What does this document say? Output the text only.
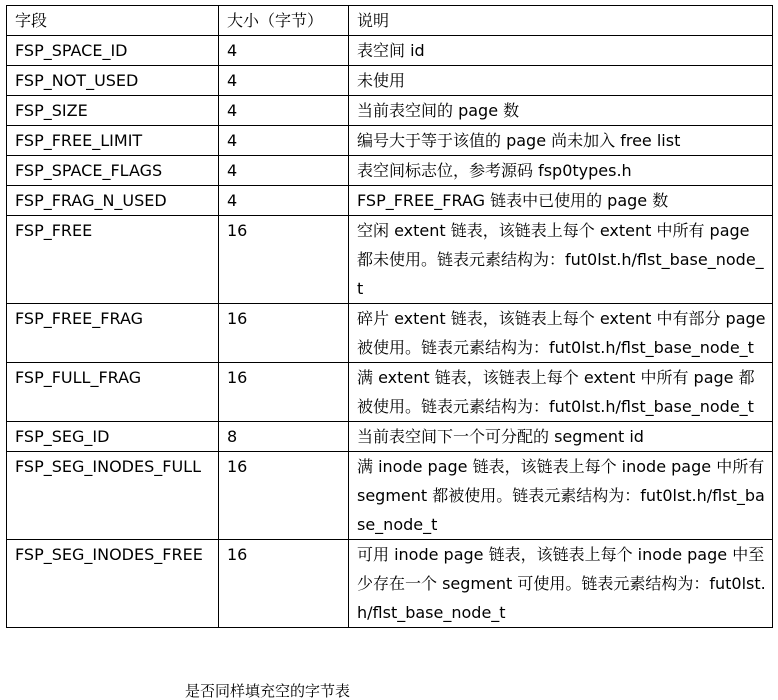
字段	大小（字节）	说明
FSP_SPACE_ID	4	表空间 id
FSP_NOT_USED	4	未使用
FSP_SIZE	4	当前表空间的 page 数
FSP_FREE_LIMIT	4	编号大于等于该值的 page 尚未加入 free list
FSP_SPACE_FLAGS	4	表空间标志位，参考源码 fsp0types.h
FSP_FRAG_N_USED	4	FSP_FREE_FRAG 链表中已使用的 page 数
FSP_FREE	16	空闲 extent 链表，该链表上每个 extent 中所有 page 都未使用。链表元素结构为：fut0lst.h/flst_base_node_t
FSP_FREE_FRAG	16	碎片 extent 链表，该链表上每个 extent 中有部分 page 被使用。链表元素结构为：fut0lst.h/flst_base_node_t
FSP_FULL_FRAG	16	满 extent 链表，该链表上每个 extent 中所有 page 都被使用。链表元素结构为：fut0lst.h/flst_base_node_t
FSP_SEG_ID	8	当前表空间下一个可分配的 segment id
FSP_SEG_INODES_FULL	16	满 inode page 链表，该链表上每个 inode page 中所有 segment 都被使用。链表元素结构为：fut0lst.h/flst_base_node_t
FSP_SEG_INODES_FREE	16	可用 inode page 链表，该链表上每个 inode page 中至少存在一个 segment 可使用。链表元素结构为：fut0lst.h/flst_base_node_t
是否同样填充空的字节表
